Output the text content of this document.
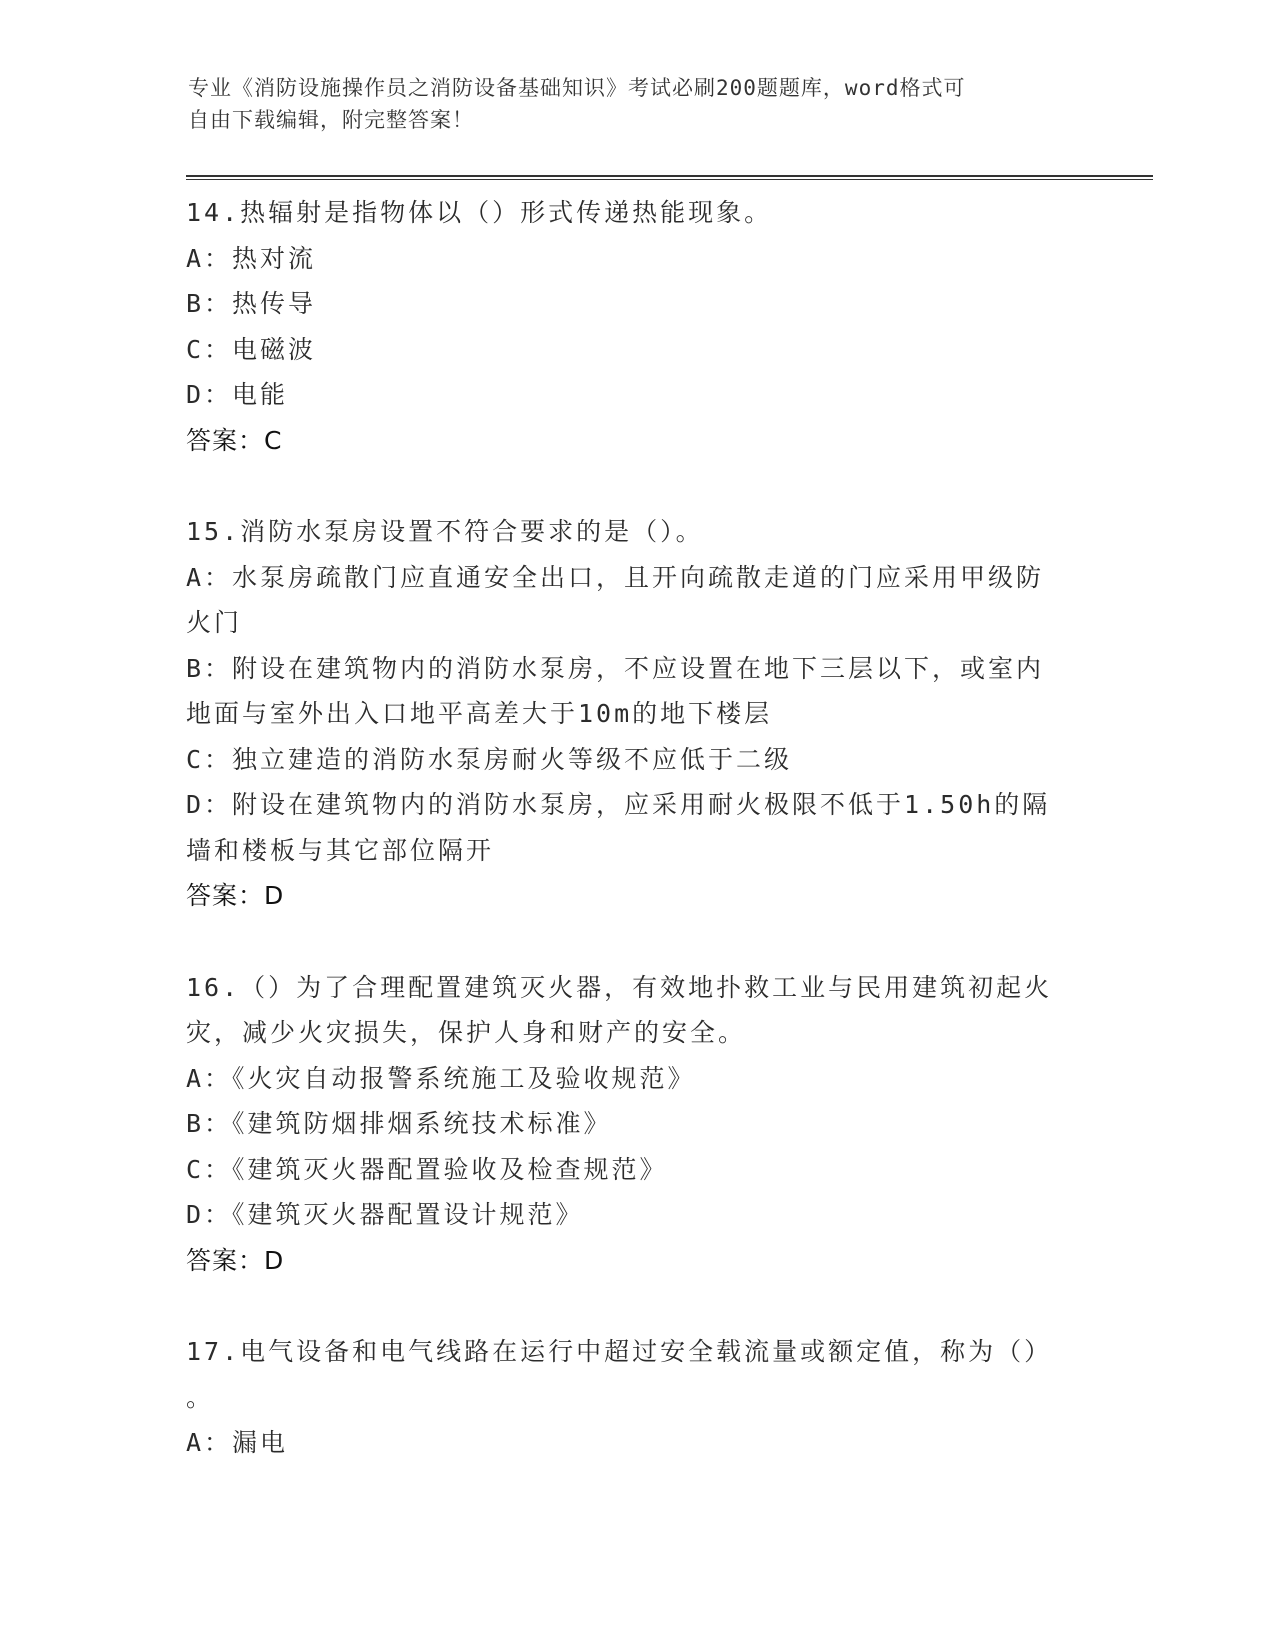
专业《消防设施操作员之消防设备基础知识》考试必刷200题题库，word格式可
自由下载编辑，附完整答案！
14.热辐射是指物体以（）形式传递热能现象。
A：热对流
B：热传导
C：电磁波
D：电能
答案：C
15.消防水泵房设置不符合要求的是（）。
A：水泵房疏散门应直通安全出口，且开向疏散走道的门应采用甲级防
火门
B：附设在建筑物内的消防水泵房，不应设置在地下三层以下，或室内
地面与室外出入口地平高差大于10m的地下楼层
C：独立建造的消防水泵房耐火等级不应低于二级
D：附设在建筑物内的消防水泵房，应采用耐火极限不低于1.50h的隔
墙和楼板与其它部位隔开
答案：D
16.（）为了合理配置建筑灭火器，有效地扑救工业与民用建筑初起火
灾，减少火灾损失，保护人身和财产的安全。
A：《火灾自动报警系统施工及验收规范》
B：《建筑防烟排烟系统技术标准》
C：《建筑灭火器配置验收及检查规范》
D：《建筑灭火器配置设计规范》
答案：D
17.电气设备和电气线路在运行中超过安全载流量或额定值，称为（）
。
A：漏电
